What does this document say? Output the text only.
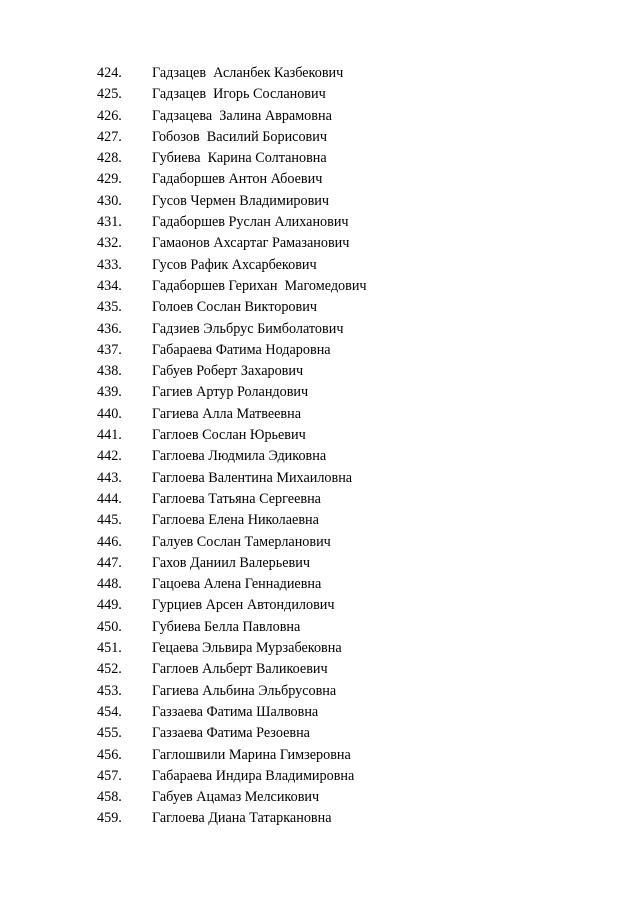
424. Гадзацев  Асланбек Казбекович
425. Гадзацев  Игорь Сосланович
426. Гадзацева  Залина Авpамовна
427. Гобозов  Василий Борисович
428. Губиева  Карина Солтановна
429. Гадаборшев Антон Абоевич
430. Гусов Чермен Владимирович
431. Гадаборшев Руслан Алиханович
432. Гамаонов Ахсартаг Рамазанович
433. Гусов Рафик Ахсарбекович
434. Гадаборшев Герихан  Магомедович
435. Голоев Сослан Викторович
436. Гадзиев Эльбрус Бимболатович
437. Габараева Фатима Нодаровна
438. Габуев Роберт Захарович
439. Гагиев Артур Роландович
440. Гагиева Алла Матвеевна
441. Гаглоев Сослан Юрьевич
442. Гаглоева Людмила Эдиковна
443. Гаглоева Валентина Михаиловна
444. Гаглоева Татьяна Сергеевна
445. Гаглоева Елена Николаевна
446. Галуев Сослан Тамерланович
447. Гахов Даниил Валерьевич
448. Гацоева Алена Геннадиевна
449. Гурциев Арсен Автондилович
450. Губиева Белла Павловна
451. Гецаева Эльвира Мурзабековна
452. Гаглоев Альберт Валикоевич
453. Гагиева Альбина Эльбрусовна
454. Газзаева Фатима Шалвовна
455. Газзаева Фатима Резоевна
456. Гаглошвили Марина Гимзеровна
457. Габараева Индира Владимировна
458. Габуев Ацамаз Мелсикович
459. Гаглоева Диана Татаркановна
